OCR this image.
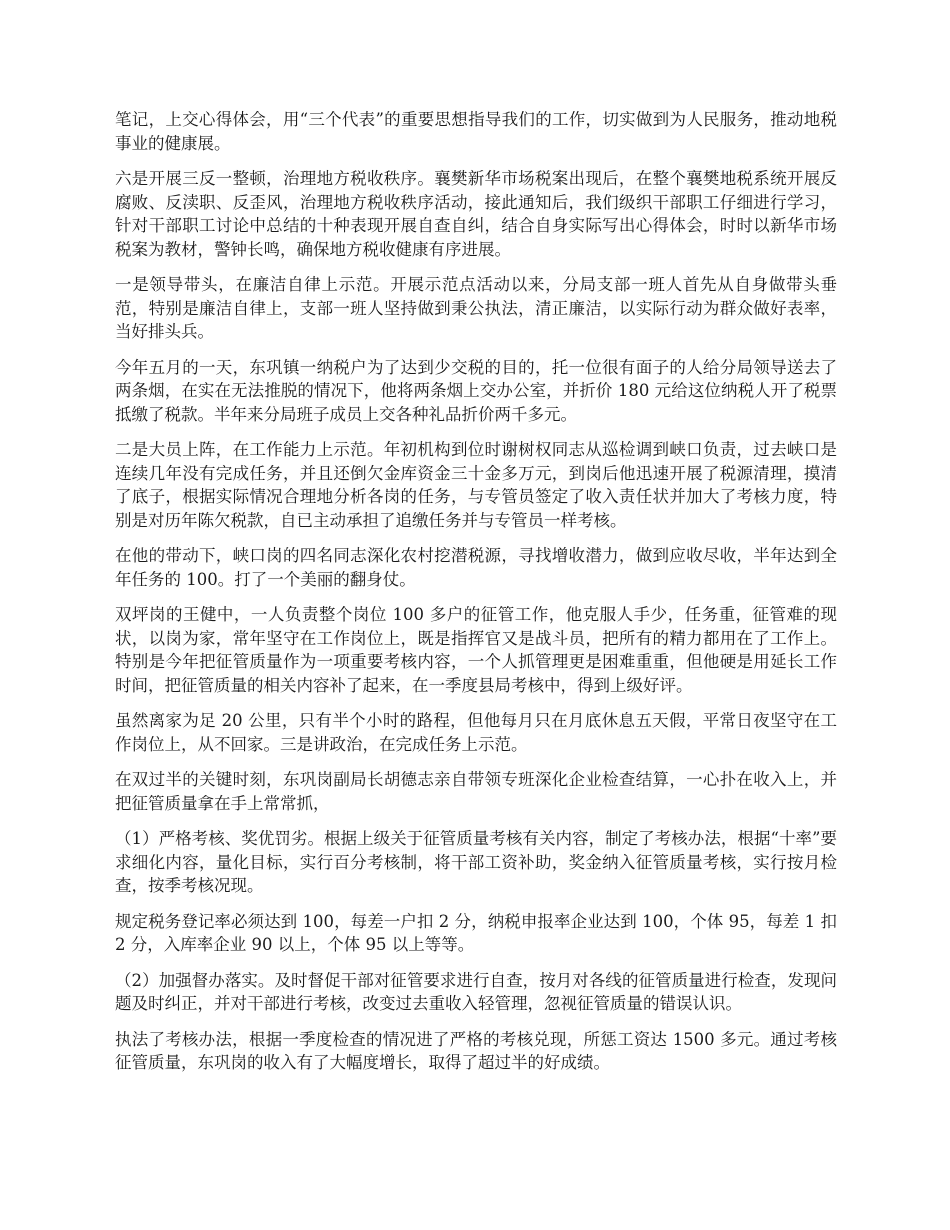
笔记，上交心得体会，用“三个代表”的重要思想指导我们的工作，切实做到为人民服务，推动地税事业的健康展。

六是开展三反一整顿，治理地方税收秩序。襄樊新华市场税案出现后，在整个襄樊地税系统开展反腐败、反渎职、反歪风，治理地方税收秩序活动，接此通知后，我们级织干部职工仔细进行学习，针对干部职工讨论中总结的十种表现开展自查自纠，结合自身实际写出心得体会，时时以新华市场税案为教材，警钟长鸣，确保地方税收健康有序进展。

一是领导带头，在廉洁自律上示范。开展示范点活动以来，分局支部一班人首先从自身做带头垂范，特别是廉洁自律上，支部一班人坚持做到秉公执法，清正廉洁，以实际行动为群众做好表率，当好排头兵。

今年五月的一天，东巩镇一纳税户为了达到少交税的目的，托一位很有面子的人给分局领导送去了两条烟，在实在无法推脱的情况下，他将两条烟上交办公室，并折价 180 元给这位纳税人开了税票抵缴了税款。半年来分局班子成员上交各种礼品折价两千多元。

二是大员上阵，在工作能力上示范。年初机构到位时谢树权同志从巡检调到峡口负责，过去峡口是连续几年没有完成任务，并且还倒欠金库资金三十金多万元，到岗后他迅速开展了税源清理，摸清了底子，根据实际情况合理地分析各岗的任务，与专管员签定了收入责任状并加大了考核力度，特别是对历年陈欠税款，自已主动承担了追缴任务并与专管员一样考核。

在他的带动下，峡口岗的四名同志深化农村挖潜税源，寻找增收潜力，做到应收尽收，半年达到全年任务的 100。打了一个美丽的翻身仗。

双坪岗的王健中，一人负责整个岗位 100 多户的征管工作，他克服人手少，任务重，征管难的现状，以岗为家，常年坚守在工作岗位上，既是指挥官又是战斗员，把所有的精力都用在了工作上。特别是今年把征管质量作为一项重要考核内容，一个人抓管理更是困难重重，但他硬是用延长工作时间，把征管质量的相关内容补了起来，在一季度县局考核中，得到上级好评。

虽然离家为足 20 公里，只有半个小时的路程，但他每月只在月底休息五天假，平常日夜坚守在工作岗位上，从不回家。三是讲政治，在完成任务上示范。

在双过半的关键时刻，东巩岗副局长胡德志亲自带领专班深化企业检查结算，一心扑在收入上，并把征管质量拿在手上常常抓，

（1）严格考核、奖优罚劣。根据上级关于征管质量考核有关内容，制定了考核办法，根据“十率”要求细化内容，量化目标，实行百分考核制，将干部工资补助，奖金纳入征管质量考核，实行按月检查，按季考核况现。

规定税务登记率必须达到 100，每差一户扣 2 分，纳税申报率企业达到 100，个体 95，每差 1 扣 2 分，入库率企业 90 以上，个体 95 以上等等。

（2）加强督办落实。及时督促干部对征管要求进行自查，按月对各线的征管质量进行检查，发现问题及时纠正，并对干部进行考核，改变过去重收入轻管理，忽视征管质量的错误认识。

执法了考核办法，根据一季度检查的情况进了严格的考核兑现，所惩工资达 1500 多元。通过考核征管质量，东巩岗的收入有了大幅度增长，取得了超过半的好成绩。
